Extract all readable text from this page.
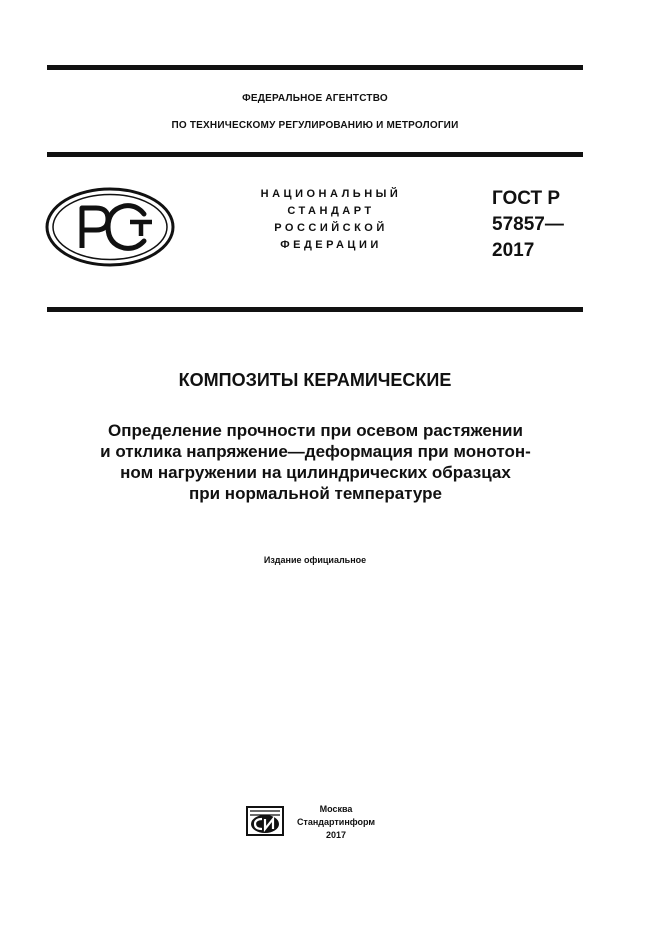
ФЕДЕРАЛЬНОЕ АГЕНТСТВО
ПО ТЕХНИЧЕСКОМУ РЕГУЛИРОВАНИЮ И МЕТРОЛОГИИ
НАЦИОНАЛЬНЫЙ
СТАНДАРТ
РОССИЙСКОЙ
ФЕДЕРАЦИИ
ГОСТ Р
57857—
2017
КОМПОЗИТЫ КЕРАМИЧЕСКИЕ
Определение прочности при осевом растяжении
и отклика напряжение—деформация при монотон-
ном нагружении на цилиндрических образцах
при нормальной температуре
Издание официальное
Москва
Стандартинформ
2017
